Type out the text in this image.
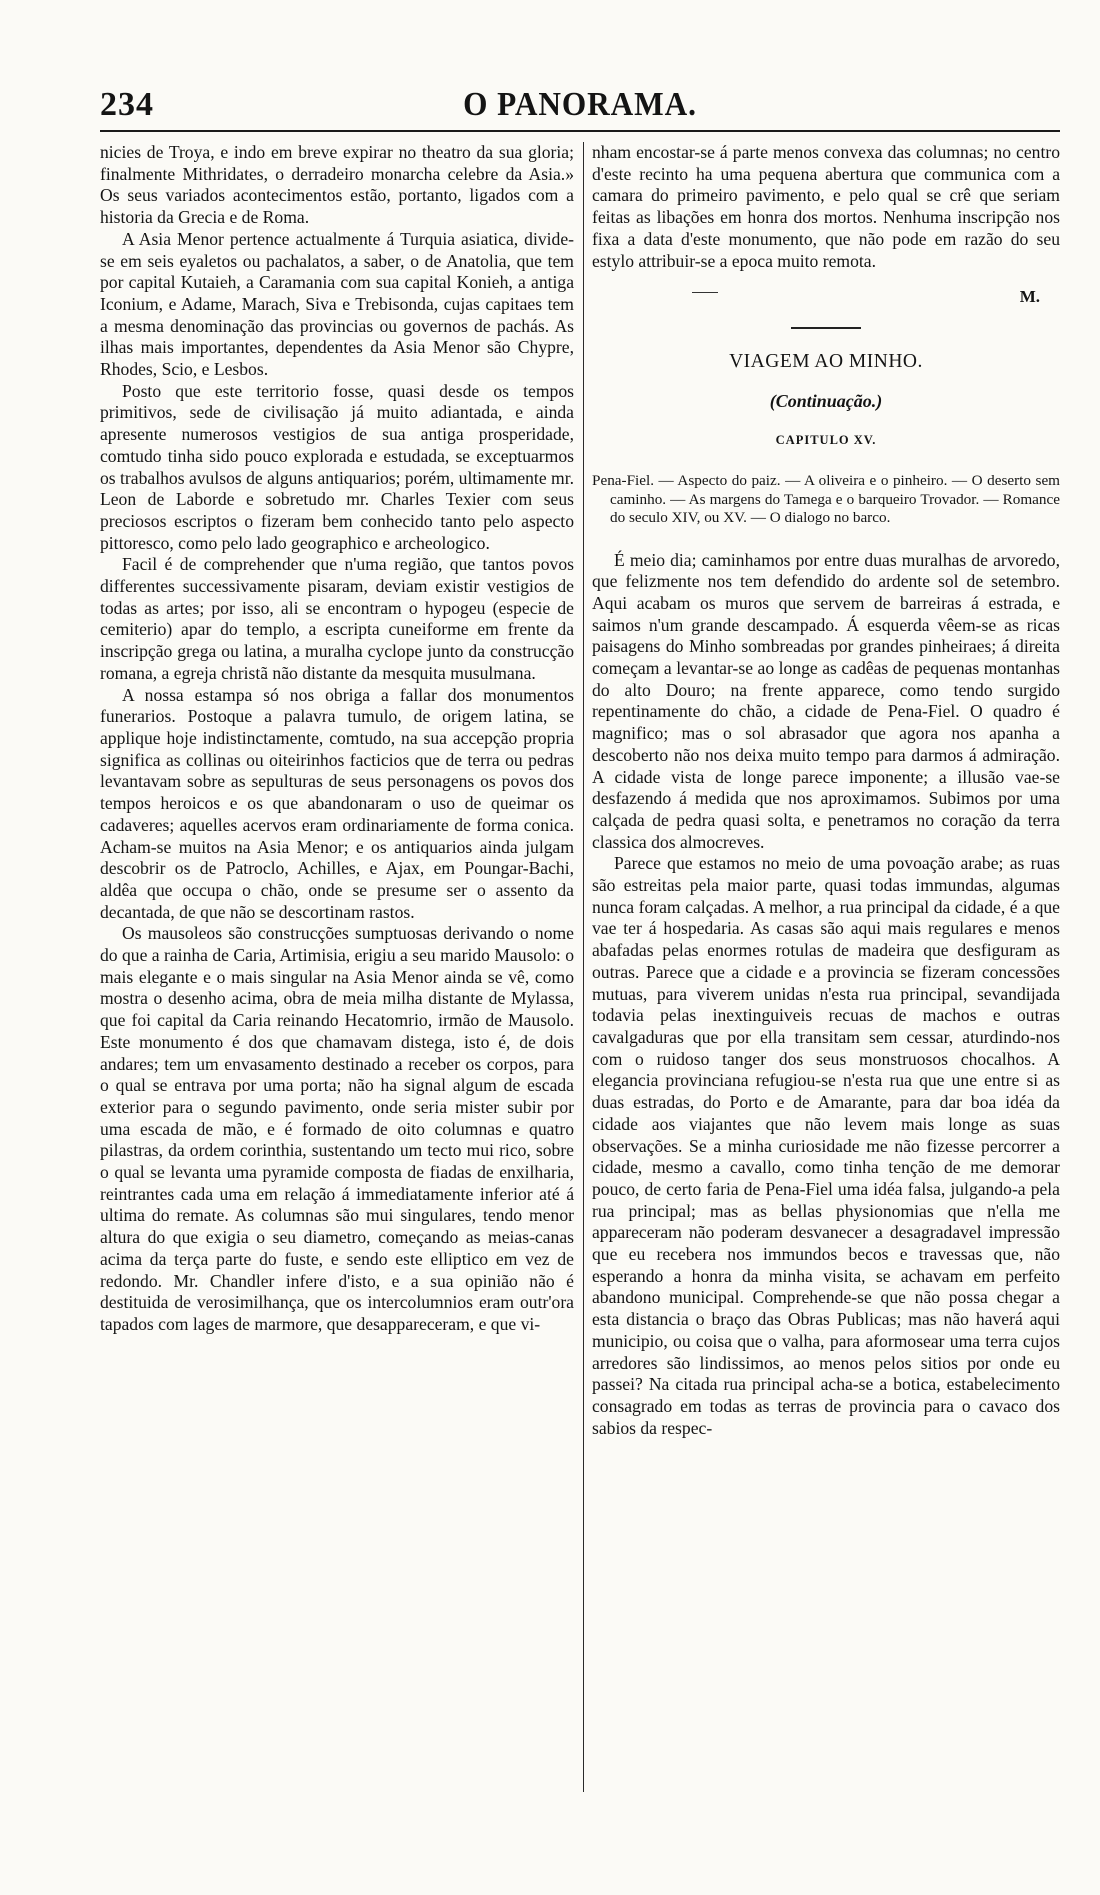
234	O PANORAMA.

nicies de Troya, e indo em breve expirar no theatro da sua gloria; finalmente Mithridates, o derradeiro monarcha celebre da Asia.» Os seus variados acontecimentos estão, portanto, ligados com a historia da Grecia e de Roma.

A Asia Menor pertence actualmente á Turquia asiatica, divide-se em seis eyaletos ou pachalatos, a saber, o de Anatolia, que tem por capital Kutaieh, a Caramania com sua capital Konieh, a antiga Iconium, e Adame, Marach, Siva e Trebisonda, cujas capitaes tem a mesma denominação das provincias ou governos de pachás. As ilhas mais importantes, dependentes da Asia Menor são Chypre, Rhodes, Scio, e Lesbos.

Posto que este territorio fosse, quasi desde os tempos primitivos, sede de civilisação já muito adiantada, e ainda apresente numerosos vestigios de sua antiga prosperidade, comtudo tinha sido pouco explorada e estudada, se exceptuarmos os trabalhos avulsos de alguns antiquarios; porém, ultimamente mr. Leon de Laborde e sobretudo mr. Charles Texier com seus preciosos escriptos o fizeram bem conhecido tanto pelo aspecto pittoresco, como pelo lado geographico e archeologico.

Facil é de comprehender que n'uma região, que tantos povos differentes successivamente pisaram, deviam existir vestigios de todas as artes; por isso, ali se encontram o hypogeu (especie de cemiterio) apar do templo, a escripta cuneiforme em frente da inscripção grega ou latina, a muralha cyclope junto da construcção romana, a egreja christã não distante da mesquita musulmana.

A nossa estampa só nos obriga a fallar dos monumentos funerarios. Postoque a palavra tumulo, de origem latina, se applique hoje indistinctamente, comtudo, na sua accepção propria significa as collinas ou oiteirinhos facticios que de terra ou pedras levantavam sobre as sepulturas de seus personagens os povos dos tempos heroicos e os que abandonaram o uso de queimar os cadaveres; aquelles acervos eram ordinariamente de forma conica. Acham-se muitos na Asia Menor; e os antiquarios ainda julgam descobrir os de Patroclo, Achilles, e Ajax, em Poungar-Bachi, aldêa que occupa o chão, onde se presume ser o assento da decantada, de que não se descortinam rastos.

Os mausoleos são construcções sumptuosas derivando o nome do que a rainha de Caria, Artimisia, erigiu a seu marido Mausolo: o mais elegante e o mais singular na Asia Menor ainda se vê, como mostra o desenho acima, obra de meia milha distante de Mylassa, que foi capital da Caria reinando Hecatomrio, irmão de Mausolo. Este monumento é dos que chamavam distega, isto é, de dois andares; tem um envasamento destinado a receber os corpos, para o qual se entrava por uma porta; não ha signal algum de escada exterior para o segundo pavimento, onde seria mister subir por uma escada de mão, e é formado de oito columnas e quatro pilastras, da ordem corinthia, sustentando um tecto mui rico, sobre o qual se levanta uma pyramide composta de fiadas de enxilharia, reintrantes cada uma em relação á immediatamente inferior até á ultima do remate. As columnas são mui singulares, tendo menor altura do que exigia o seu diametro, começando as meias-canas acima da terça parte do fuste, e sendo este elliptico em vez de redondo. Mr. Chandler infere d'isto, e a sua opinião não é destituida de verosimilhança, que os intercolumnios eram outr'ora tapados com lages de marmore, que desappareceram, e que vi-

nham encostar-se á parte menos convexa das columnas; no centro d'este recinto ha uma pequena abertura que communica com a camara do primeiro pavimento, e pelo qual se crê que seriam feitas as libações em honra dos mortos. Nenhuma inscripção nos fixa a data d'este monumento, que não pode em razão do seu estylo attribuir-se a epoca muito remota.

M.
VIAGEM AO MINHO.
(Continuação.)
CAPITULO XV.
Pena-Fiel. — Aspecto do paiz. — A oliveira e o pinheiro. — O deserto sem caminho. — As margens do Tamega e o barqueiro Trovador. — Romance do seculo XIV, ou XV. — O dialogo no barco.

É meio dia; caminhamos por entre duas muralhas de arvoredo, que felizmente nos tem defendido do ardente sol de setembro. Aqui acabam os muros que servem de barreiras á estrada, e saimos n'um grande descampado. Á esquerda vêem-se as ricas paisagens do Minho sombreadas por grandes pinheiraes; á direita começam a levantar-se ao longe as cadêas de pequenas montanhas do alto Douro; na frente apparece, como tendo surgido repentinamente do chão, a cidade de Pena-Fiel. O quadro é magnifico; mas o sol abrasador que agora nos apanha a descoberto não nos deixa muito tempo para darmos á admiração. A cidade vista de longe parece imponente; a illusão vae-se desfazendo á medida que nos aproximamos. Subimos por uma calçada de pedra quasi solta, e penetramos no coração da terra classica dos almocreves.

Parece que estamos no meio de uma povoação arabe; as ruas são estreitas pela maior parte, quasi todas immundas, algumas nunca foram calçadas. A melhor, a rua principal da cidade, é a que vae ter á hospedaria. As casas são aqui mais regulares e menos abafadas pelas enormes rotulas de madeira que desfiguram as outras. Parece que a cidade e a provincia se fizeram concessões mutuas, para viverem unidas n'esta rua principal, sevandijada todavia pelas inextinguiveis recuas de machos e outras cavalgaduras que por ella transitam sem cessar, aturdindo-nos com o ruidoso tanger dos seus monstruosos chocalhos. A elegancia provinciana refugiou-se n'esta rua que une entre si as duas estradas, do Porto e de Amarante, para dar boa idéa da cidade aos viajantes que não levem mais longe as suas observações. Se a minha curiosidade me não fizesse percorrer a cidade, mesmo a cavallo, como tinha tenção de me demorar pouco, de certo faria de Pena-Fiel uma idéa falsa, julgando-a pela rua principal; mas as bellas physionomias que n'ella me appareceram não poderam desvanecer a desagradavel impressão que eu recebera nos immundos becos e travessas que, não esperando a honra da minha visita, se achavam em perfeito abandono municipal. Comprehende-se que não possa chegar a esta distancia o braço das Obras Publicas; mas não haverá aqui municipio, ou coisa que o valha, para aformosear uma terra cujos arredores são lindissimos, ao menos pelos sitios por onde eu passei? Na citada rua principal acha-se a botica, estabelecimento consagrado em todas as terras de provincia para o cavaco dos sabios da respec-
